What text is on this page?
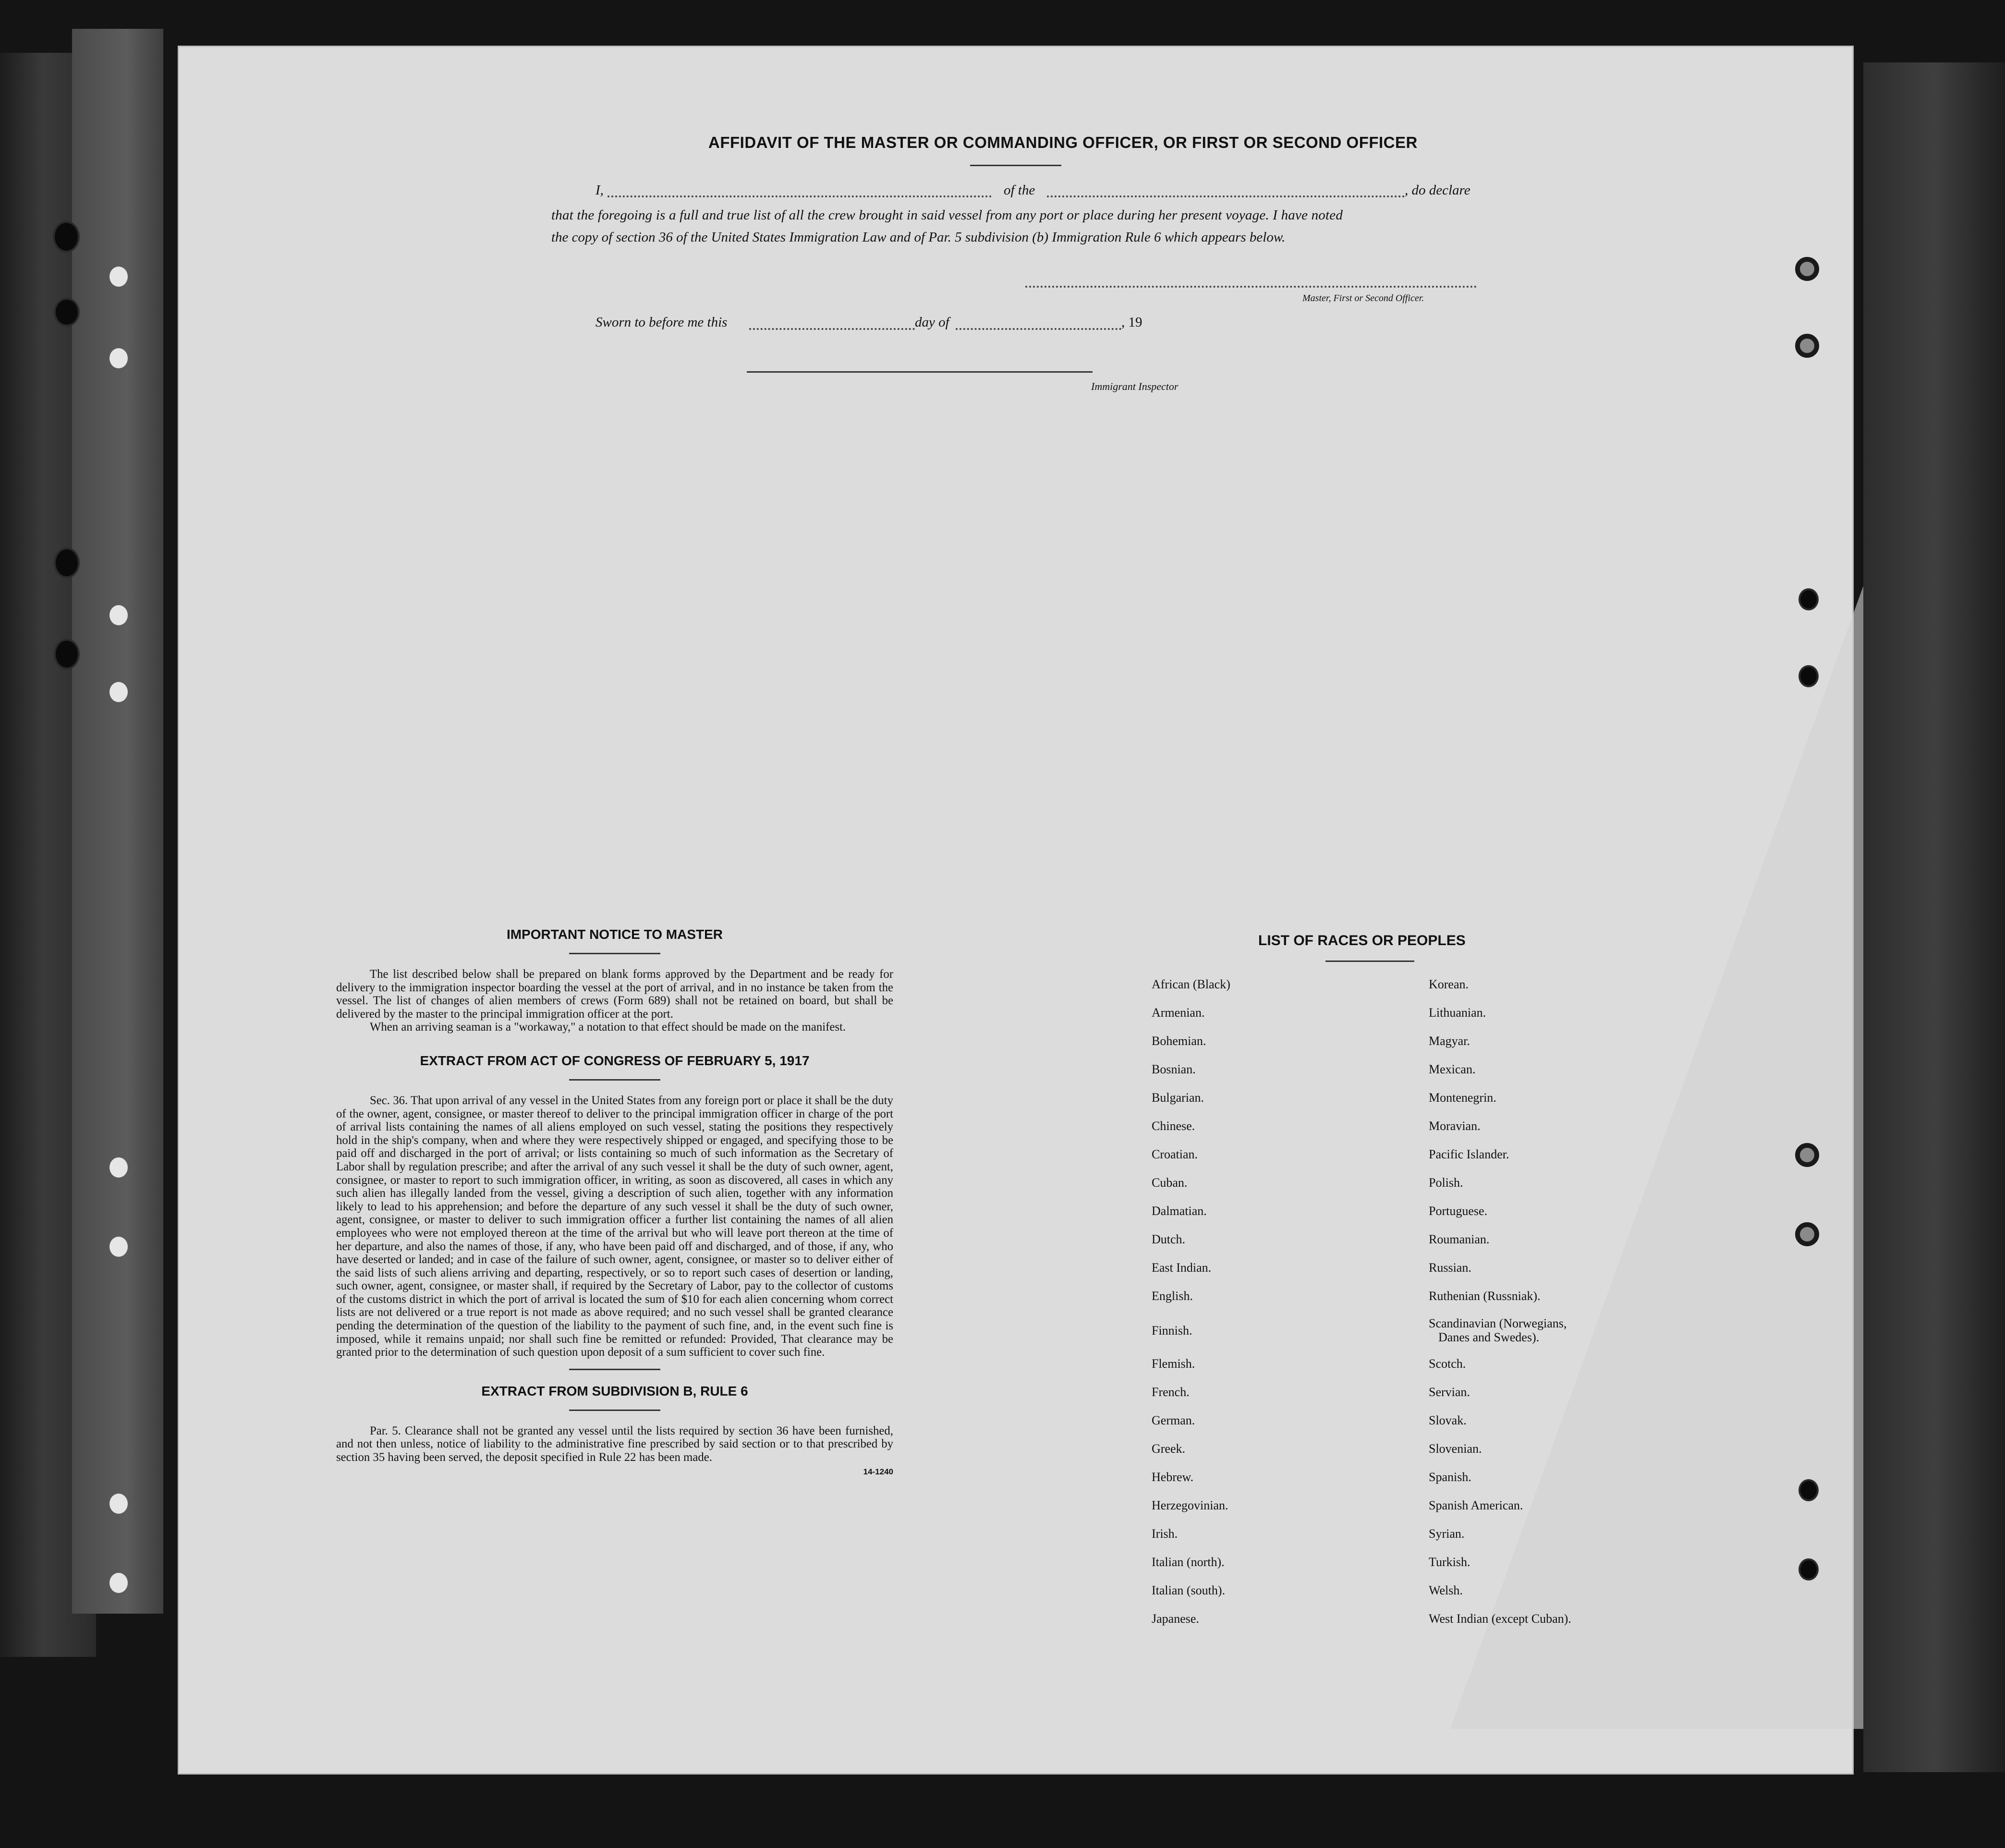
AFFIDAVIT OF THE MASTER OR COMMANDING OFFICER, OR FIRST OR SECOND OFFICER
I,	of the	, do declare
that the foregoing is a full and true list of all the crew brought in said vessel from any port or place during her present voyage. I have noted
the copy of section 36 of the United States Immigration Law and of Par. 5 subdivision (b) Immigration Rule 6 which appears below.
Master, First or Second Officer.
Sworn to before me this	day of	, 19
Immigrant Inspector

IMPORTANT NOTICE TO MASTER

The list described below shall be prepared on blank forms approved by the Department and be ready for delivery to the immigration inspector boarding the vessel at the port of arrival, and in no instance be taken from the vessel. The list of changes of alien members of crews (Form 689) shall not be retained on board, but shall be delivered by the master to the principal immigration officer at the port.

When an arriving seaman is a "workaway," a notation to that effect should be made on the manifest.

EXTRACT FROM ACT OF CONGRESS OF FEBRUARY 5, 1917

Sec. 36. That upon arrival of any vessel in the United States from any foreign port or place it shall be the duty of the owner, agent, consignee, or master thereof to deliver to the principal immigration officer in charge of the port of arrival lists containing the names of all aliens employed on such vessel, stating the positions they respectively hold in the ship's company, when and where they were respectively shipped or engaged, and specifying those to be paid off and discharged in the port of arrival; or lists containing so much of such information as the Secretary of Labor shall by regulation prescribe; and after the arrival of any such vessel it shall be the duty of such owner, agent, consignee, or master to report to such immigration officer, in writing, as soon as discovered, all cases in which any such alien has illegally landed from the vessel, giving a description of such alien, together with any information likely to lead to his apprehension; and before the departure of any such vessel it shall be the duty of such owner, agent, consignee, or master to deliver to such immigration officer a further list containing the names of all alien employees who were not employed thereon at the time of the arrival but who will leave port thereon at the time of her departure, and also the names of those, if any, who have been paid off and discharged, and of those, if any, who have deserted or landed; and in case of the failure of such owner, agent, consignee, or master so to deliver either of the said lists of such aliens arriving and departing, respectively, or so to report such cases of desertion or landing, such owner, agent, consignee, or master shall, if required by the Secretary of Labor, pay to the collector of customs of the customs district in which the port of arrival is located the sum of $10 for each alien concerning whom correct lists are not delivered or a true report is not made as above required; and no such vessel shall be granted clearance pending the determination of the question of the liability to the payment of such fine, and, in the event such fine is imposed, while it remains unpaid; nor shall such fine be remitted or refunded: Provided, That clearance may be granted prior to the determination of such question upon deposit of a sum sufficient to cover such fine.

EXTRACT FROM SUBDIVISION B, RULE 6

Par. 5. Clearance shall not be granted any vessel until the lists required by section 36 have been furnished, and not then unless, notice of liability to the administrative fine prescribed by said section or to that prescribed by section 35 having been served, the deposit specified in Rule 22 has been made.

14-1240
LIST OF RACES OR PEOPLES
African (Black)
Armenian.
Bohemian.
Bosnian.
Bulgarian.
Chinese.
Croatian.
Cuban.
Dalmatian.
Dutch.
East Indian.
English.
Finnish.
Flemish.
French.
German.
Greek.
Hebrew.
Herzegovinian.
Irish.
Italian (north).
Italian (south).
Japanese.
Korean.
Lithuanian.
Magyar.
Mexican.
Montenegrin.
Moravian.
Pacific Islander.
Polish.
Portuguese.
Roumanian.
Russian.
Ruthenian (Russniak).
Scandinavian (Norwegians,
Danes and Swedes).
Scotch.
Servian.
Slovak.
Slovenian.
Spanish.
Spanish American.
Syrian.
Turkish.
Welsh.
West Indian (except Cuban).
